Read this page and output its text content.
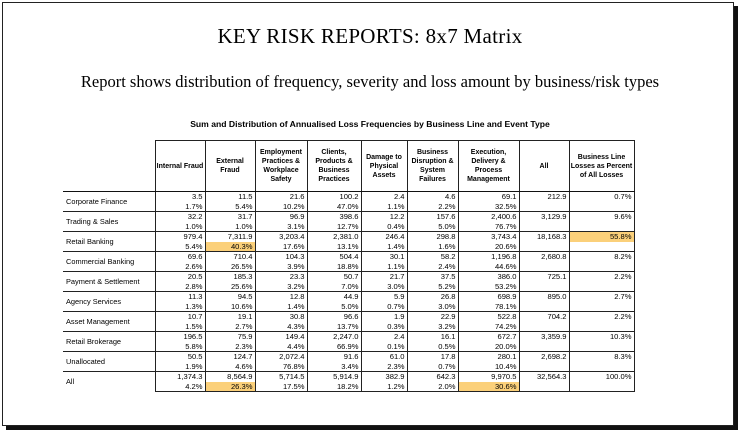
KEY RISK REPORTS: 8x7 Matrix
Report shows distribution of frequency, severity and loss amount by business/risk types
Sum and Distribution of Annualised Loss Frequencies by Business Line and Event Type
	Internal Fraud	External Fraud	Employment Practices & Workplace Safety	Clients, Products & Business Practices	Damage to Physical Assets	Business Disruption & System Failures	Execution, Delivery & Process Management	All	Business Line Losses as Percent of All Losses
Corporate Finance	3.5	11.5	21.6	100.2	2.4	4.6	69.1	212.9	0.7%
	1.7%	5.4%	10.2%	47.0%	1.1%	2.2%	32.5%		
Trading & Sales	32.2	31.7	96.9	398.6	12.2	157.6	2,400.6	3,129.9	9.6%
	1.0%	1.0%	3.1%	12.7%	0.4%	5.0%	76.7%		
Retail Banking	979.4	7,311.9	3,203.4	2,381.0	246.4	298.8	3,743.4	18,168.3	55.8%
	5.4%	40.3%	17.6%	13.1%	1.4%	1.6%	20.6%		
Commercial Banking	69.6	710.4	104.3	504.4	30.1	58.2	1,196.8	2,680.8	8.2%
	2.6%	26.5%	3.9%	18.8%	1.1%	2.4%	44.6%		
Payment & Settlement	20.5	185.3	23.3	50.7	21.7	37.5	386.0	725.1	2.2%
	2.8%	25.6%	3.2%	7.0%	3.0%	5.2%	53.2%		
Agency Services	11.3	94.5	12.8	44.9	5.9	26.8	698.9	895.0	2.7%
	1.3%	10.6%	1.4%	5.0%	0.7%	3.0%	78.1%		
Asset Management	10.7	19.1	30.8	96.6	1.9	22.9	522.8	704.2	2.2%
	1.5%	2.7%	4.3%	13.7%	0.3%	3.2%	74.2%		
Retail Brokerage	196.5	75.9	149.4	2,247.0	2.4	16.1	672.7	3,359.9	10.3%
	5.8%	2.3%	4.4%	66.9%	0.1%	0.5%	20.0%		
Unallocated	50.5	124.7	2,072.4	91.6	61.0	17.8	280.1	2,698.2	8.3%
	1.9%	4.6%	76.8%	3.4%	2.3%	0.7%	10.4%		
All	1,374.3	8,564.9	5,714.5	5,914.9	382.9	642.3	9,970.5	32,564.3	100.0%
	4.2%	26.3%	17.5%	18.2%	1.2%	2.0%	30.6%		
